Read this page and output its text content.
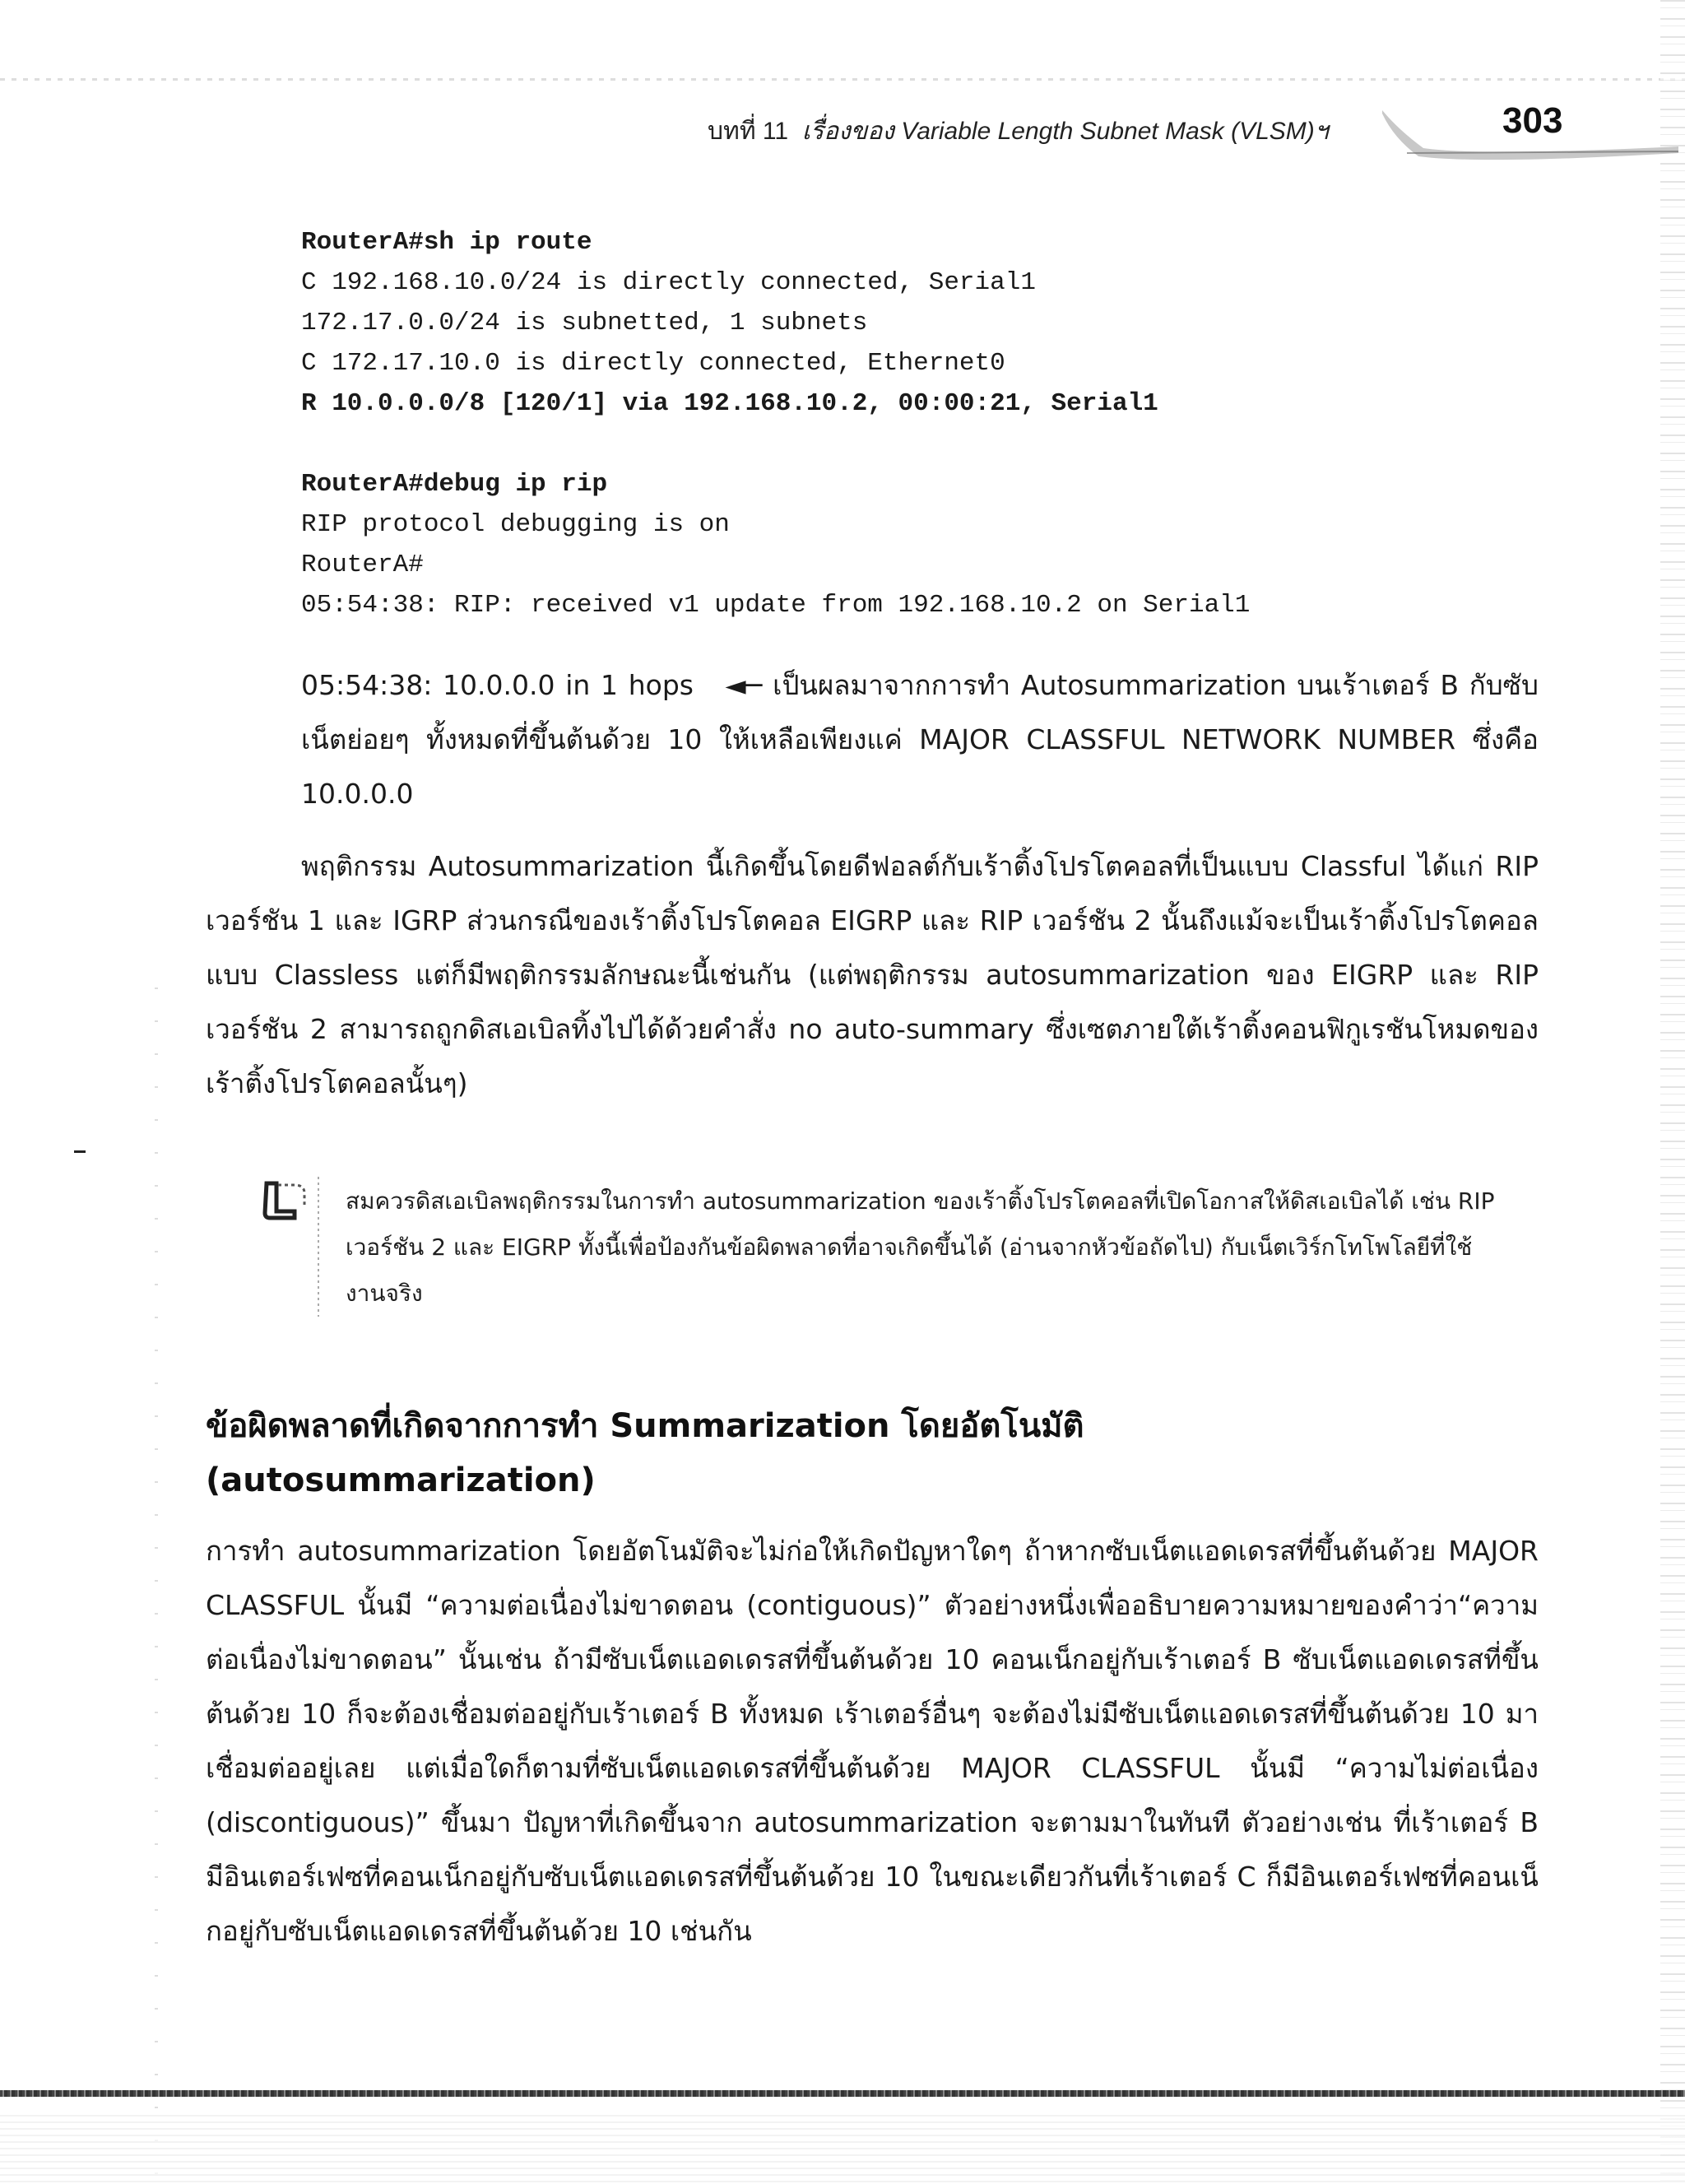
บทที่ 11 เรื่องของ Variable Length Subnet Mask (VLSM)ฯ	303
RouterA#sh ip route
C 192.168.10.0/24 is directly connected, Serial1
172.17.0.0/24 is subnetted, 1 subnets
C 172.17.10.0 is directly connected, Ethernet0
R 10.0.0.0/8 [120/1] via 192.168.10.2, 00:00:21, Serial1
RouterA#debug ip rip
RIP protocol debugging is on
RouterA#
05:54:38: RIP: received v1 update from 192.168.10.2 on Serial1
05:54:38: 10.0.0.0 in 1 hops ◄─ เป็นผลมาจากการทำ Autosummarization บนเร้าเตอร์ B กับซับเน็ตย่อยๆ ทั้งหมดที่ขึ้นต้นด้วย 10 ให้เหลือเพียงแค่ MAJOR CLASSFUL NETWORK NUMBER ซึ่งคือ 10.0.0.0
พฤติกรรม Autosummarization นี้เกิดขึ้นโดยดีฟอลต์กับเร้าติ้งโปรโตคอลที่เป็นแบบ Classful ได้แก่ RIP เวอร์ชัน 1 และ IGRP ส่วนกรณีของเร้าติ้งโปรโตคอล EIGRP และ RIP เวอร์ชัน 2 นั้นถึงแม้จะเป็นเร้าติ้งโปรโตคอลแบบ Classless แต่ก็มีพฤติกรรมลักษณะนี้เช่นกัน (แต่พฤติกรรม autosummarization ของ EIGRP และ RIP เวอร์ชัน 2 สามารถถูกดิสเอเบิลทิ้งไปได้ด้วยคำสั่ง no auto-summary ซึ่งเซตภายใต้เร้าติ้งคอนฟิกูเรชันโหมดของเร้าติ้งโปรโตคอลนั้นๆ)
สมควรดิสเอเบิลพฤติกรรมในการทำ autosummarization ของเร้าติ้งโปรโตคอลที่เปิดโอกาสให้ดิสเอเบิลได้ เช่น RIP เวอร์ชัน 2 และ EIGRP ทั้งนี้เพื่อป้องกันข้อผิดพลาดที่อาจเกิดขึ้นได้ (อ่านจากหัวข้อถัดไป) กับเน็ตเวิร์กโทโพโลยีที่ใช้งานจริง
ข้อผิดพลาดที่เกิดจากการทำ Summarization โดยอัตโนมัติ
(autosummarization)
การทำ autosummarization โดยอัตโนมัติจะไม่ก่อให้เกิดปัญหาใดๆ ถ้าหากซับเน็ตแอดเดรสที่ขึ้นต้นด้วย MAJOR CLASSFUL นั้นมี “ความต่อเนื่องไม่ขาดตอน (contiguous)” ตัวอย่างหนึ่งเพื่ออธิบายความหมายของคำว่า“ความต่อเนื่องไม่ขาดตอน” นั้นเช่น ถ้ามีซับเน็ตแอดเดรสที่ขึ้นต้นด้วย 10 คอนเน็กอยู่กับเร้าเตอร์ B ซับเน็ตแอดเดรสที่ขึ้นต้นด้วย 10 ก็จะต้องเชื่อมต่ออยู่กับเร้าเตอร์ B ทั้งหมด เร้าเตอร์อื่นๆ จะต้องไม่มีซับเน็ตแอดเดรสที่ขึ้นต้นด้วย 10 มาเชื่อมต่ออยู่เลย แต่เมื่อใดก็ตามที่ซับเน็ตแอดเดรสที่ขึ้นต้นด้วย MAJOR CLASSFUL นั้นมี “ความไม่ต่อเนื่อง (discontiguous)” ขึ้นมา ปัญหาที่เกิดขึ้นจาก autosummarization จะตามมาในทันที ตัวอย่างเช่น ที่เร้าเตอร์ B มีอินเตอร์เฟซที่คอนเน็กอยู่กับซับเน็ตแอดเดรสที่ขึ้นต้นด้วย 10 ในขณะเดียวกันที่เร้าเตอร์ C ก็มีอินเตอร์เฟซที่คอนเน็กอยู่กับซับเน็ตแอดเดรสที่ขึ้นต้นด้วย 10 เช่นกัน
